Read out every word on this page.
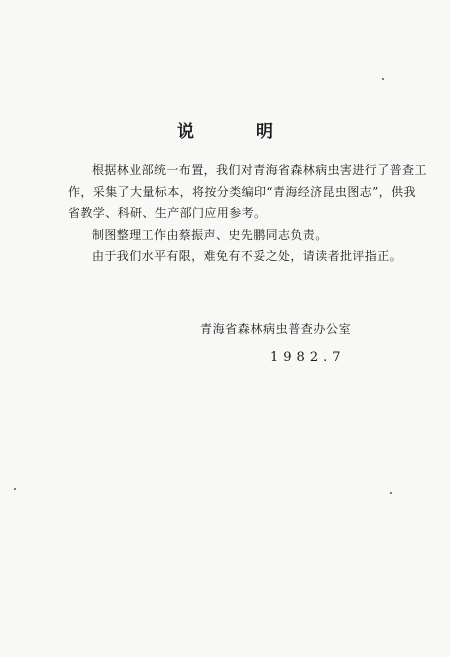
说 明

根据林业部统一布置，我们对青海省森林病虫害进行了普查工
作，采集了大量标本，将按分类编印“青海经济昆虫图志”，供我
省教学、科研、生产部门应用参考。

制图整理工作由蔡振声、史先鹏同志负责。

由于我们水平有限，难免有不妥之处，请读者批评指正。

青海省森林病虫普查办公室
1982.7
